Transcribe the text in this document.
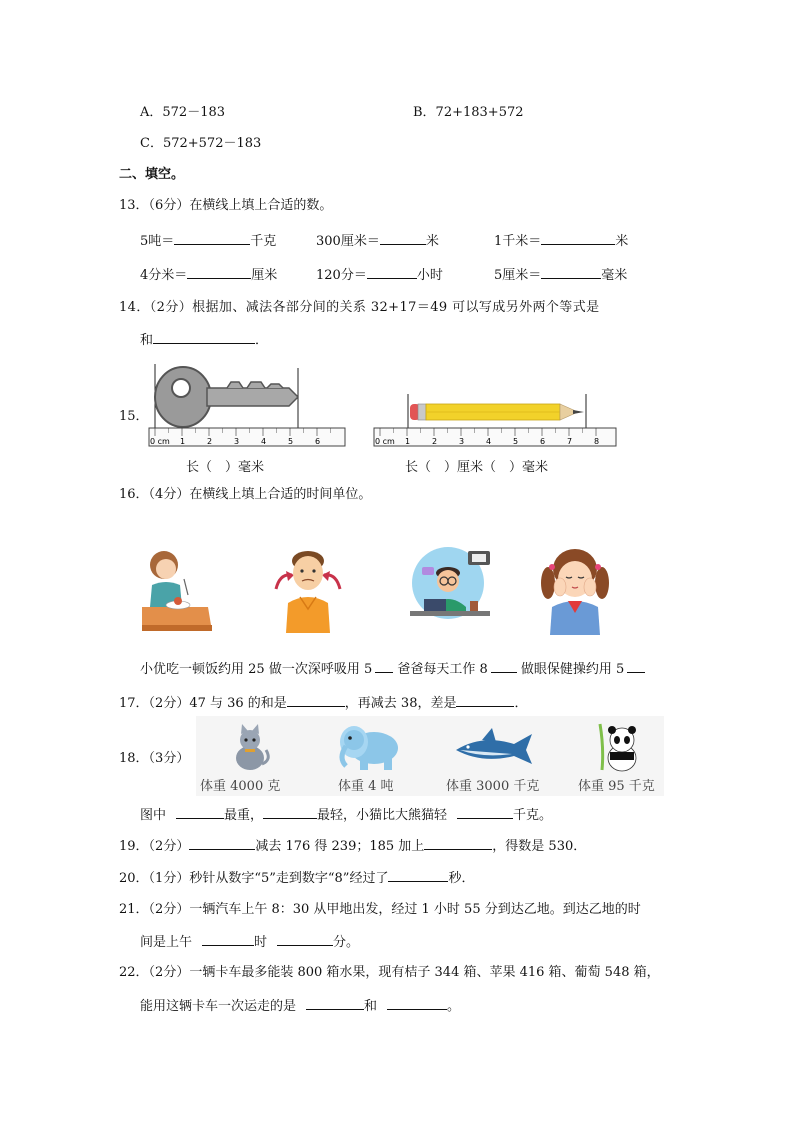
A．572－183	B．72+183+572
C．572+572－183
二、填空。
13．（6分）在横线上填上合适的数。
5吨＝	千克	300厘米＝	米	1千米＝	米
4分米＝	厘米	120分＝	小时	5厘米＝	毫米
14．（2分）根据加、减法各部分间的关系 32+17＝49 可以写成另外两个等式是
和	．
15．
0 cm 1	2	3	4	5	6
长（　）毫米
0 cm 1	2	3	4	5	6	7	8
长（　）厘米（　）毫米
16．（4分）在横线上填上合适的时间单位。
小优吃一顿饭约用 25 做一次深呼吸用 5 爸爸每天工作 8	做眼保健操约用 5
17．（2分）47 与 36 的和是	，再减去 38，差是	．
18．（3分）
体重 4000 克	体重 4 吨	体重 3000 千克	体重 95 千克
图中	最重，	最轻，小猫比大熊猫轻	千克。
19．（2分）	减去 176 得 239；185 加上	，得数是 530．
20．（1分）秒针从数字“5”走到数字“8”经过了	秒．
21．（2分）一辆汽车上午 8：30 从甲地出发，经过 1 小时 55 分到达乙地。到达乙地的时
间是上午	时	分。
22．（2分）一辆卡车最多能装 800 箱水果，现有桔子 344 箱、苹果 416 箱、葡萄 548 箱，
能用这辆卡车一次运走的是	和	。
